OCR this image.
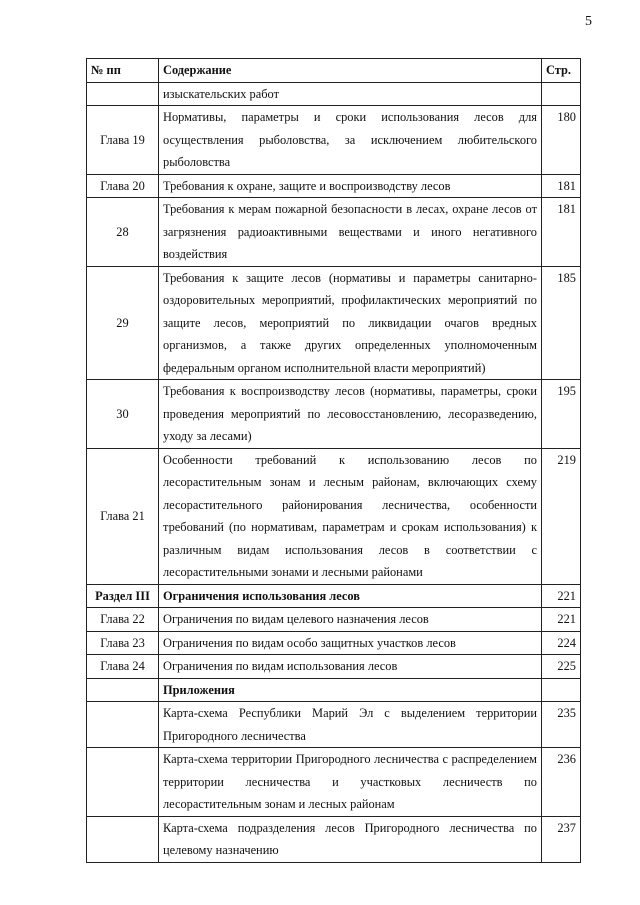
5
№ пп	Содержание	Стр.
	изыскательских работ	
Глава 19	Нормативы, параметры и сроки использования лесов для осуществления рыболовства, за исключением любительского рыболовства	180
Глава 20	Требования к охране, защите и воспроизводству лесов	181
28	Требования к мерам пожарной безопасности в лесах, охране лесов от загрязнения радиоактивными веществами и иного негативного воздействия	181
29	Требования к защите лесов (нормативы и параметры санитарно-оздоровительных мероприятий, профилактических мероприятий по защите лесов, мероприятий по ликвидации очагов вредных организмов, а также других определенных уполномоченным федеральным органом исполнительной власти мероприятий)	185
30	Требования к воспроизводству лесов (нормативы, параметры, сроки проведения мероприятий по лесовосстановлению, лесоразведению, уходу за лесами)	195
Глава 21	Особенности требований к использованию лесов по лесорастительным зонам и лесным районам, включающих схему лесорастительного районирования лесничества, особенности требований (по нормативам, параметрам и срокам использования) к различным видам использования лесов в соответствии с лесорастительными зонами и лесными районами	219
Раздел III	Ограничения использования лесов	221
Глава 22	Ограничения по видам целевого назначения лесов	221
Глава 23	Ограничения по видам особо защитных участков лесов	224
Глава 24	Ограничения по видам использования лесов	225
	Приложения	
	Карта-схема Республики Марий Эл с выделением территории Пригородного лесничества	235
	Карта-схема территории Пригородного лесничества с распределением территории лесничества и участковых лесничеств по лесорастительным зонам и лесных районам	236
	Карта-схема подразделения лесов Пригородного лесничества по целевому назначению	237
